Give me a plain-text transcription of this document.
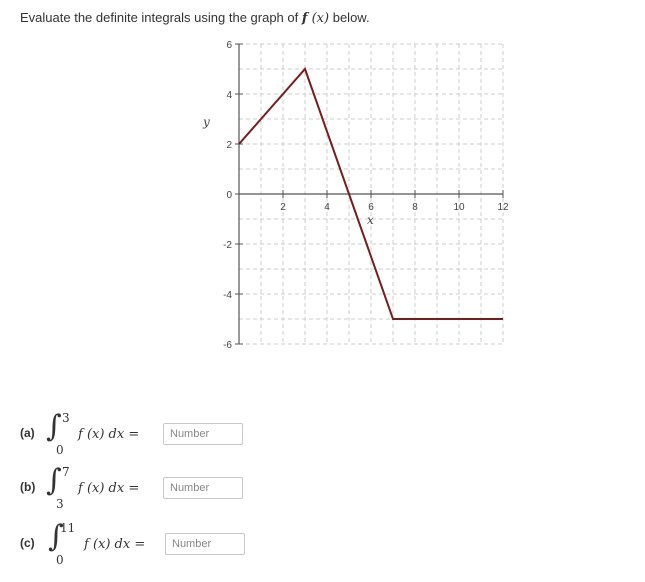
Evaluate the definite integrals using the graph of f (x) below.
2	4	6	8	10	12
6
4
2
0
-2
-4
-6
y
x
(a) ∫ 3
0
f (x) dx =
Number
(b) ∫ 7
3
f (x) dx =
Number
(c) ∫
11
0
f (x) dx =
Number
